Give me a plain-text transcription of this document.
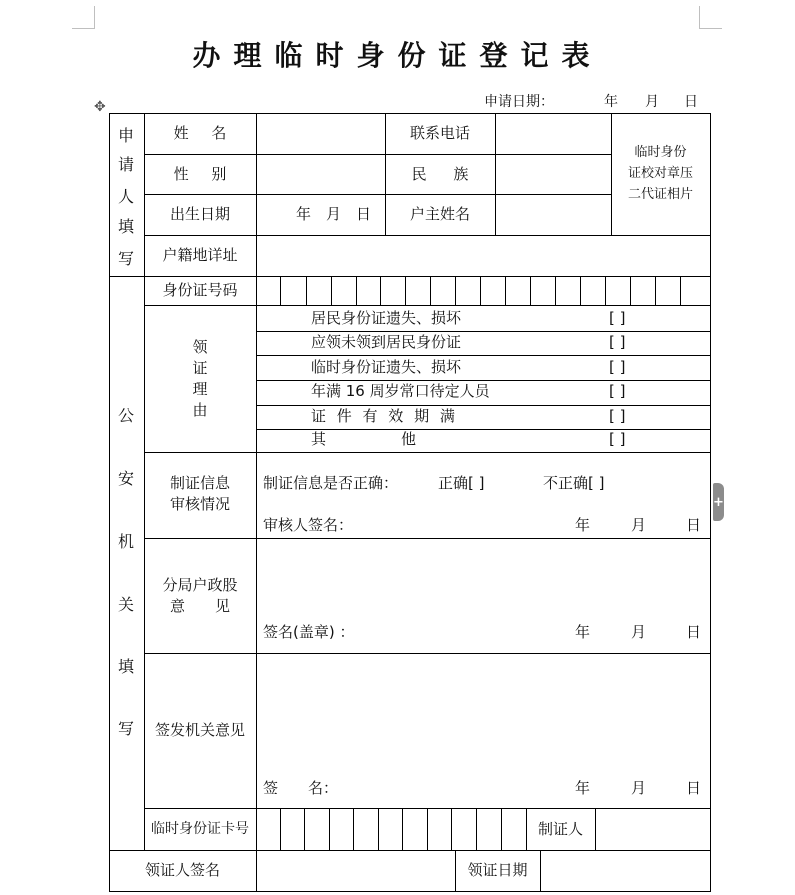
办理临时身份证登记表
申请日期：	年 月 日
✥
+
申
请
人
填
写
公
安
机
关
填
写
姓 名	联系电话
性 别	民 族
出生日期	年　月　日	户主姓名
临时身份
证校对章压
二代证相片
户籍地详址
身份证号码
领
证
理
由
居民身份证遗失、损坏	[ ]
应领未领到居民身份证	[ ]
临时身份证遗失、损坏	[ ]
年满 16 周岁常口待定人员	[ ]
证 件 有 效 期 满	[ ]
其　　　　　他	[ ]
制证信息
审核情况
制证信息是否正确：	正确[ ]	不正确[ ]
审核人签名：	年	月	日
分局户政股
意　　见
签名(盖章) ：	年	月	日
签发机关意见
签　　名：	年	月	日
临时身份证卡号	制证人
领证人签名	领证日期
